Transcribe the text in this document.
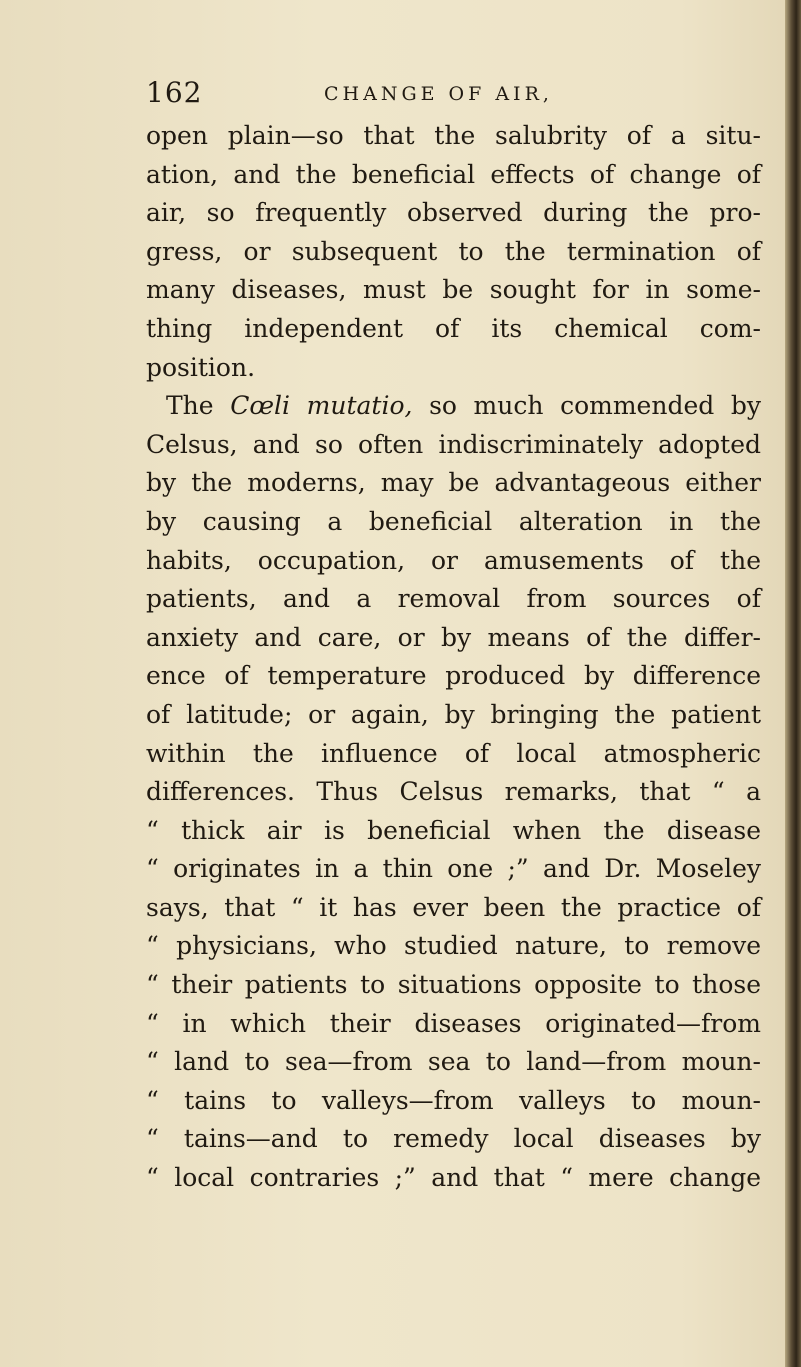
162	CHANGE OF AIR,
open plain—so that the salubrity of a situ-
ation, and the beneficial effects of change of
air, so frequently observed during the pro-
gress, or subsequent to the termination of
many diseases, must be sought for in some-
thing independent of its chemical com-
position.
The Cœli mutatio, so much commended by
Celsus, and so often indiscriminately adopted
by the moderns, may be advantageous either
by causing a beneficial alteration in the
habits, occupation, or amusements of the
patients, and a removal from sources of
anxiety and care, or by means of the differ-
ence of temperature produced by difference
of latitude; or again, by bringing the patient
within the influence of local atmospheric
differences. Thus Celsus remarks, that “ a
“ thick air is beneficial when the disease
“ originates in a thin one ;” and Dr. Moseley
says, that “ it has ever been the practice of
“ physicians, who studied nature, to remove
“ their patients to situations opposite to those
“ in which their diseases originated—from
“ land to sea—from sea to land—from moun-
“ tains to valleys—from valleys to moun-
“ tains—and to remedy local diseases by
“ local contraries ;” and that “ mere change
